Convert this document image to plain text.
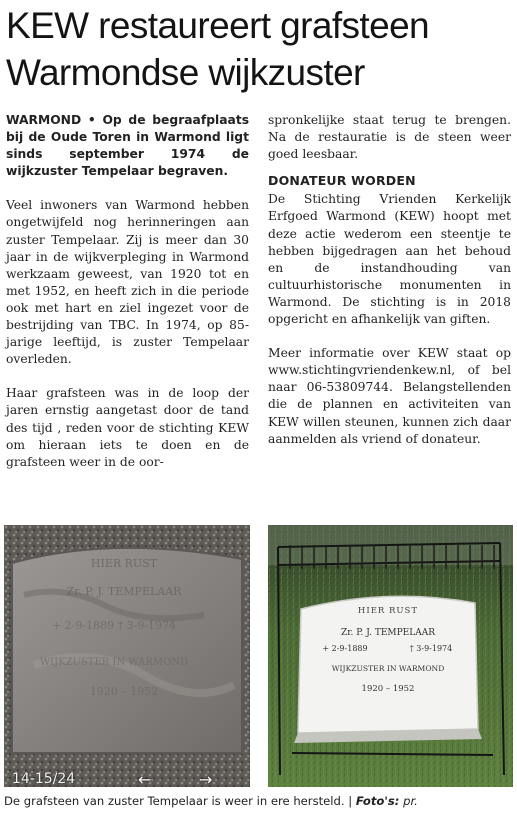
KEW restaureert grafsteen
Warmondse wijkzuster

WARMOND • Op de begraafplaats bij de Oude Toren in Warmond ligt sinds september 1974 de wijkzuster Tempelaar begraven.

Veel inwoners van Warmond hebben ongetwijfeld nog herinneringen aan zuster Tempelaar. Zij is meer dan 30 jaar in de wijkverpleging in Warmond werkzaam geweest, van 1920 tot en met 1952, en heeft zich in die periode ook met hart en ziel ingezet voor de bestrijding van TBC. In 1974, op 85-jarige leeftijd, is zuster Tempelaar overleden.

Haar grafsteen was in de loop der jaren ernstig aangetast door de tand des tijd , reden voor de stichting KEW om hieraan iets te doen en de grafsteen weer in de oor-

spronkelijke staat terug te brengen. Na de restauratie is de steen weer goed leesbaar.

DONATEUR WORDEN

De Stichting Vrienden Kerkelijk Erfgoed Warmond (KEW) hoopt met deze actie wederom een steentje te hebben bijgedragen aan het behoud en de instandhouding van cultuurhistorische monumenten in Warmond. De stichting is in 2018 opgericht en afhankelijk van giften.

Meer informatie over KEW staat op www.stichtingvriendenkew.nl, of bel naar 06-53809744. Belangstellenden die de plannen en activiteiten van KEW willen steunen, kunnen zich daar aanmelden als vriend of donateur.

HIER RUST
Zr. P. J. TEMPELAAR
+ 2-9-1889 † 3-9-1974
WIJKZUSTER IN WARMOND
1920 – 1952
HIER RUST
Zr. P. J. TEMPELAAR
+ 2-9-1889	† 3-9-1974
WIJKZUSTER IN WARMOND
1920 – 1952
14-15/24	←	→
De grafsteen van zuster Tempelaar is weer in ere hersteld. | Foto's: pr.
